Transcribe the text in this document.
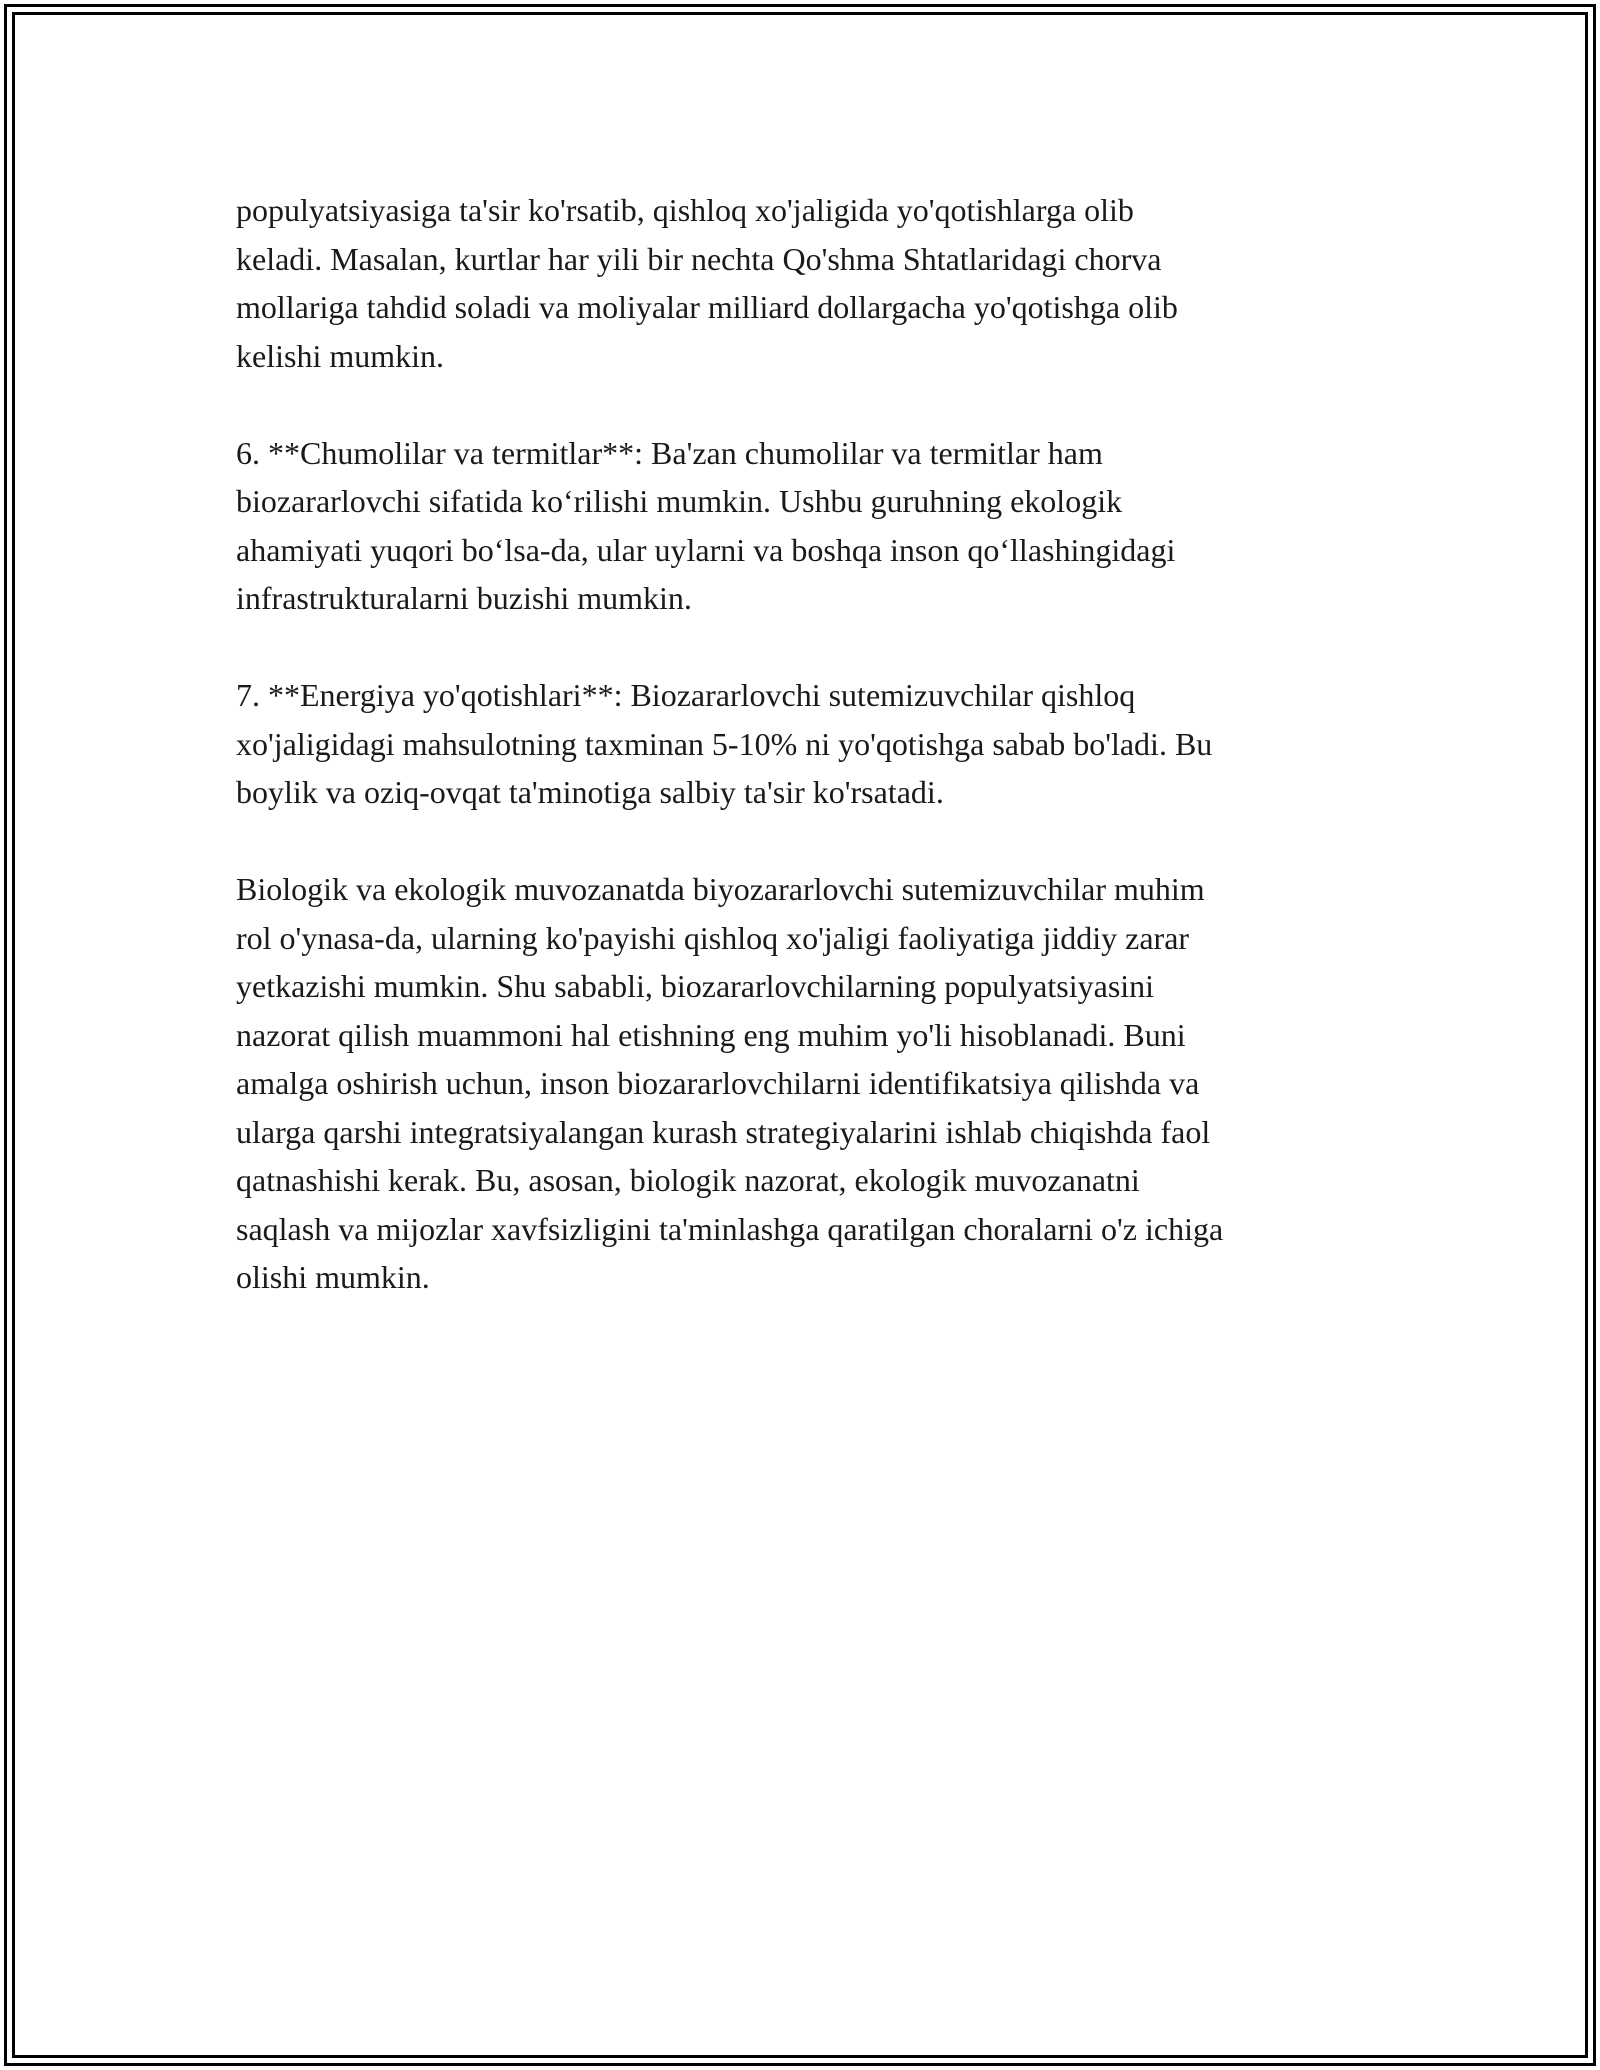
populyatsiyasiga ta'sir ko'rsatib, qishloq xo'jaligida yo'qotishlarga olib
keladi. Masalan, kurtlar har yili bir nechta Qo'shma Shtatlaridagi chorva
mollariga tahdid soladi va moliyalar milliard dollargacha yo'qotishga olib
kelishi mumkin.

6. **Chumolilar va termitlar**: Ba'zan chumolilar va termitlar ham
biozararlovchi sifatida ko‘rilishi mumkin. Ushbu guruhning ekologik
ahamiyati yuqori bo‘lsa-da, ular uylarni va boshqa inson qo‘llashingidagi
infrastrukturalarni buzishi mumkin.

7. **Energiya yo'qotishlari**: Biozararlovchi sutemizuvchilar qishloq
xo'jaligidagi mahsulotning taxminan 5-10% ni yo'qotishga sabab bo'ladi. Bu
boylik va oziq-ovqat ta'minotiga salbiy ta'sir ko'rsatadi.

Biologik va ekologik muvozanatda biyozararlovchi sutemizuvchilar muhim
rol o'ynasa-da, ularning ko'payishi qishloq xo'jaligi faoliyatiga jiddiy zarar
yetkazishi mumkin. Shu sababli, biozararlovchilarning populyatsiyasini
nazorat qilish muammoni hal etishning eng muhim yo'li hisoblanadi. Buni
amalga oshirish uchun, inson biozararlovchilarni identifikatsiya qilishda va
ularga qarshi integratsiyalangan kurash strategiyalarini ishlab chiqishda faol
qatnashishi kerak. Bu, asosan, biologik nazorat, ekologik muvozanatni
saqlash va mijozlar xavfsizligini ta'minlashga qaratilgan choralarni o'z ichiga
olishi mumkin.
